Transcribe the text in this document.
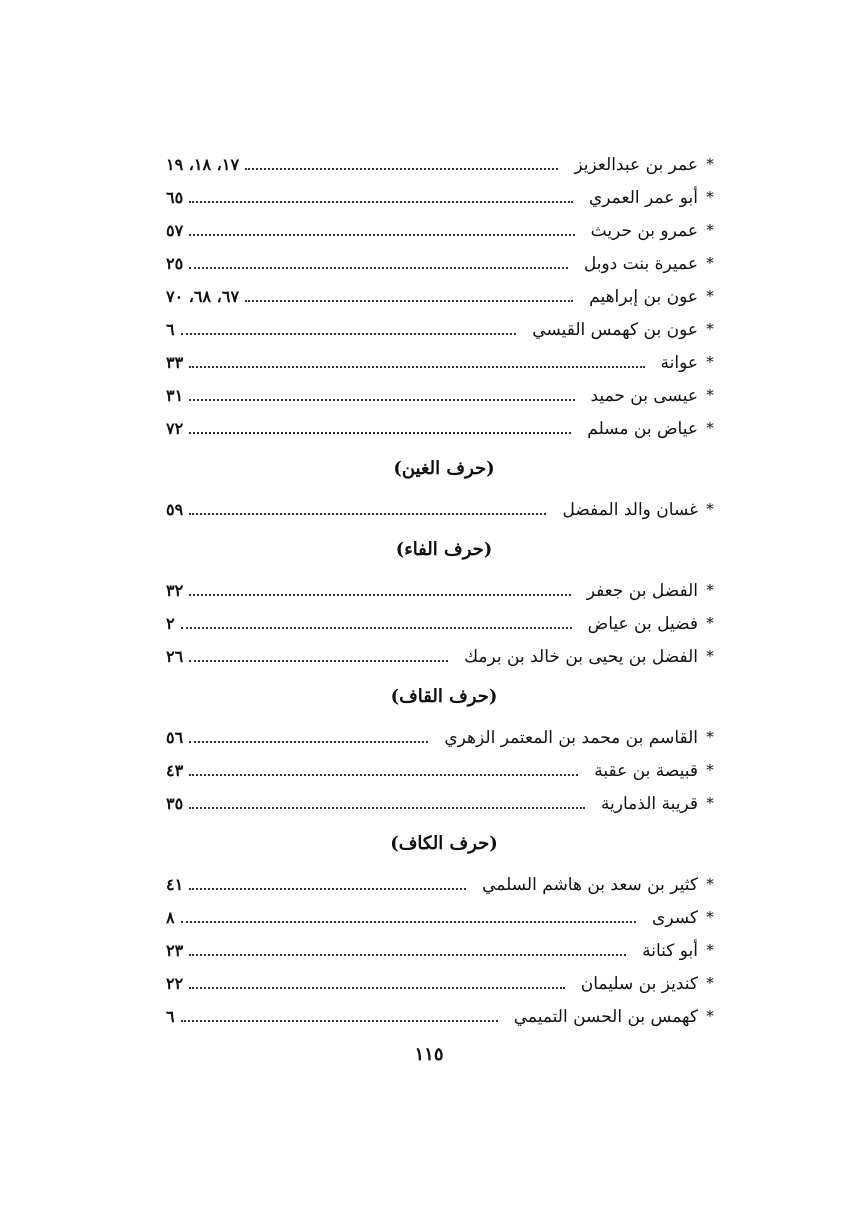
*
عمر بن عبدالعزيز
١٧، ١٨، ١٩
*
أبو عمر العمري
٦٥
*
عمرو بن حريث
٥٧
*
عميرة بنت دوبل
٢٥
*
عون بن إبراهيم
٦٧، ٦٨، ٧٠
*
عون بن كهمس القيسي
٦
*
عوانة
٣٣
*
عيسى بن حميد
٣١
*
عياض بن مسلم
٧٢
(حرف الغين)
*
غسان والد المفضل
٥٩
(حرف الفاء)
*
الفضل بن جعفر
٣٢
*
فضيل بن عياض
٢
*
الفضل بن يحيى بن خالد بن برمك
٢٦
(حرف القاف)
*
القاسم بن محمد بن المعتمر الزهري
٥٦
*
قبيصة بن عقبة
٤٣
*
قريبة الذمارية
٣٥
(حرف الكاف)
*
كثير بن سعد بن هاشم السلمي
٤١
*
كسرى
٨
*
أبو كنانة
٢٣
*
كنديز بن سليمان
٢٢
*
كهمس بن الحسن التميمي
٦
١١٥
